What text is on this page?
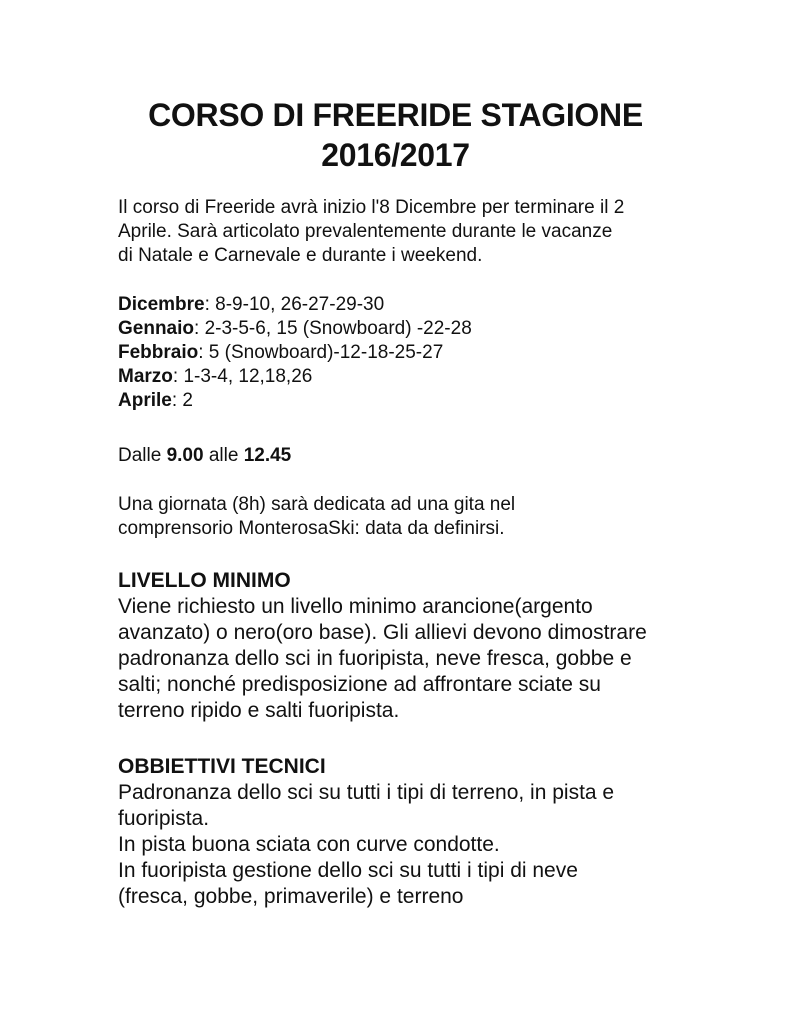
CORSO DI FREERIDE STAGIONE
2016/2017

Il corso di Freeride avrà inizio l'8 Dicembre per terminare il 2
Aprile. Sarà articolato prevalentemente durante le vacanze
di Natale e Carnevale e durante i weekend.

Dicembre: 8-9-10, 26-27-29-30
Gennaio: 2-3-5-6, 15 (Snowboard) -22-28
Febbraio: 5 (Snowboard)-12-18-25-27
Marzo: 1-3-4, 12,18,26
Aprile: 2

Dalle 9.00 alle 12.45

Una giornata (8h) sarà dedicata ad una gita nel
comprensorio MonterosaSki: data da definirsi.

LIVELLO MINIMO
Viene richiesto un livello minimo arancione(argento
avanzato) o nero(oro base). Gli allievi devono dimostrare
padronanza dello sci in fuoripista, neve fresca, gobbe e
salti; nonché predisposizione ad affrontare sciate su
terreno ripido e salti fuoripista.
OBBIETTIVI TECNICI
Padronanza dello sci su tutti i tipi di terreno, in pista e
fuoripista.
In pista buona sciata con curve condotte.
In fuoripista gestione dello sci su tutti i tipi di neve
(fresca, gobbe, primaverile) e terreno
